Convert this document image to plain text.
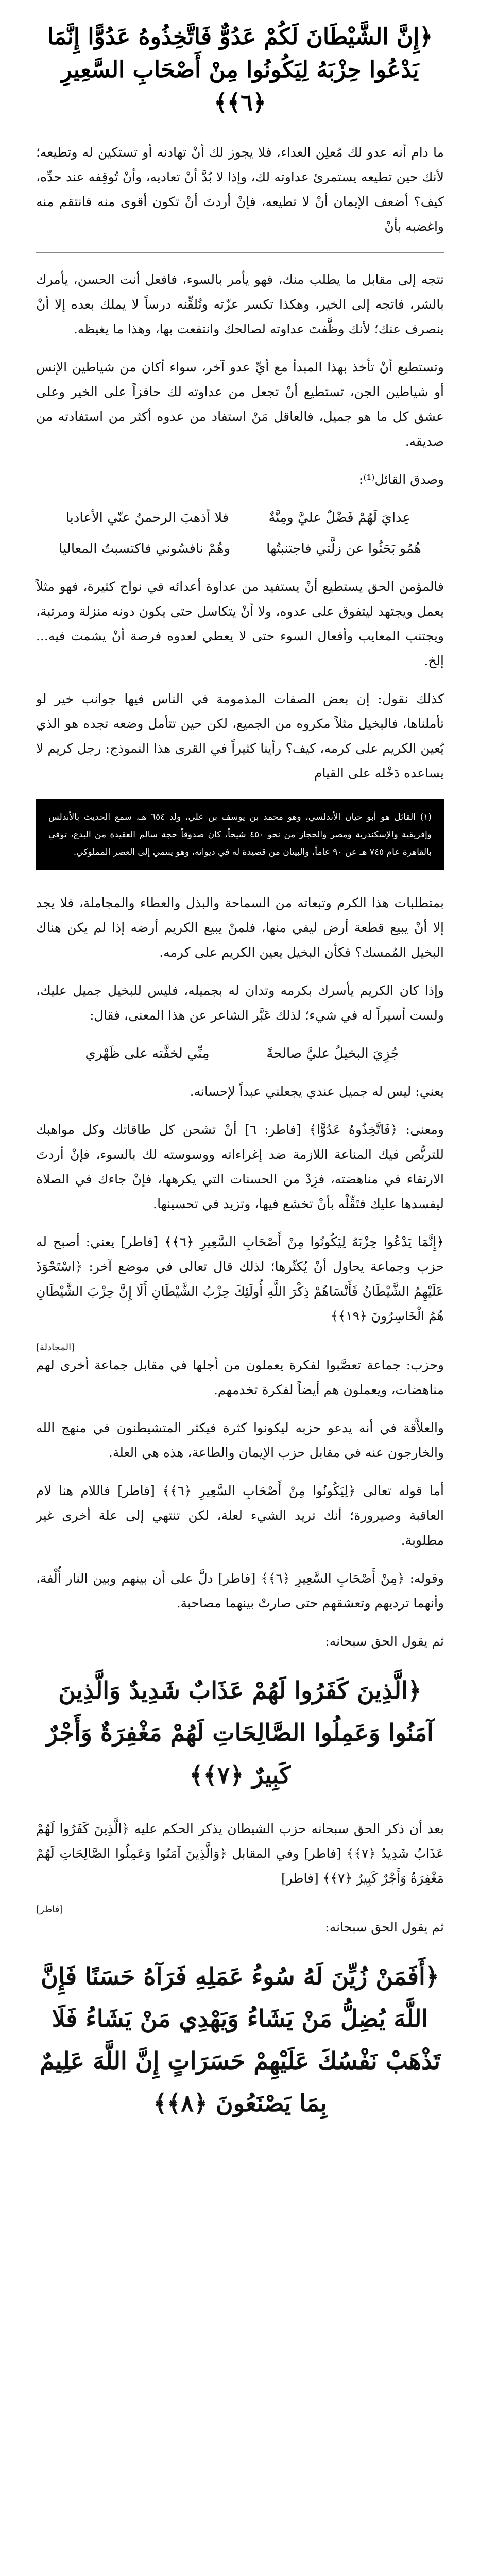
﴿إِنَّ الشَّيْطَانَ لَكُمْ عَدُوٌّ فَاتَّخِذُوهُ عَدُوًّا إِنَّمَا يَدْعُوا حِزْبَهُ لِيَكُونُوا مِنْ أَصْحَابِ السَّعِيرِ ﴿٦﴾﴾

ما دام أنه عدو لك مُعلِن العداء، فلا يجوز لك أنْ تهادنه أو تستكين له وتطيعه؛ لأنك حين تطيعه يستمرئ عداوته لك، وإذا لا بُدَّ أنْ تعاديه، وأنْ تُوقِفه عند حدِّه، كيف؟ أضعف الإيمان أنْ لا تطيعه، فإنْ أردتَ أنْ تكون أقوى منه فانتقم منه واغضبه بأنْ

تتجه إلى مقابل ما يطلب منك، فهو يأمر بالسوء، فافعل أنت الحسن، يأمرك بالشر، فاتجه إلى الخير، وهكذا تكسر عزّته وتُلقِّنه درساً لا يملك بعده إلا أنْ ينصرف عنك؛ لأنك وظَّفتَ عداوته لصالحك وانتفعت بها، وهذا ما يغيظه.

وتستطيع أنْ تأخذ بهذا المبدأ مع أيِّ عدو آخر، سواء أكان من شياطين الإنس أو شياطين الجن، تستطيع أنْ تجعل من عداوته لك حافزاً على الخير وعلى عشق كل ما هو جميل، فالعاقل مَنْ استفاد من عدوه أكثر من استفادته من صديقه.

وصدق القائل⁽¹⁾:

عِدايَ لَهُمْ فَضْلٌ عليَّ ومِنَّةٌ
فلا أذهبَ الرحمنُ عنّي الأعاديا
هُمُو بَحَثُوا عن زلَّتي فاجتنبتُها
وهُمْ نافسُوني فاكتسبتُ المعاليا

فالمؤمن الحق يستطيع أنْ يستفيد من عداوة أعدائه في نواح كثيرة، فهو مثلاً يعمل ويجتهد ليتفوق على عدوه، ولا أنْ يتكاسل حتى يكون دونه منزلة ومرتبة، ويجتنب المعايب وأفعال السوء حتى لا يعطي لعدوه فرصة أنْ يشمت فيه... إلخ.

كذلك نقول: إن بعض الصفات المذمومة في الناس فيها جوانب خير لو تأملناها، فالبخيل مثلاً مكروه من الجميع، لكن حين تتأمل وضعه تجده هو الذي يُعين الكريم على كرمه، كيف؟ رأينا كثيراً في القرى هذا النموذج: رجل كريم لا يساعده دَخْله على القيام

(١) القائل هو أبو حيان الأندلسي، وهو محمد بن يوسف بن علي، ولد ٦٥٤ هـ، سمع الحديث بالأندلس وإفريقية والإسكندرية ومصر والحجاز من نحو ٤٥٠ شيخاً، كان صدوقاً حجة سالم العقيدة من البدع، توفي بالقاهرة عام ٧٤٥ هـ عن ٩٠ عاماً، والبيتان من قصيدة له في ديوانه، وهو ينتمي إلى العصر المملوكي.

بمتطلبات هذا الكرم وتبعاته من السماحة والبذل والعطاء والمجاملة، فلا يجد إلا أنْ يبيع قطعة أرض ليفي منها، فلمنْ يبيع الكريم أرضه إذا لم يكن هناك البخيل المُمسك؟ فكأن البخيل يعين الكريم على كرمه.

وإذا كان الكريم يأسرك بكرمه وتدان له بجميله، فليس للبخيل جميل عليك، ولست أسيراً له في شيء؛ لذلك عَبَّر الشاعر عن هذا المعنى، فقال:

جُزِيَ البخيلُ عليَّ صالحةً
مِنِّي لخفَّته على ظَهْري

يعني: ليس له جميل عندي يجعلني عبداً لإحسانه.

ومعنى: ﴿فَاتَّخِذُوهُ عَدُوًّا﴾ [فاطر: ٦] أنْ تشحن كل طاقاتك وكل مواهبك للتربُّص فيك المناعة اللازمة ضد إغراءاته ووسوسته لك بالسوء، فإنْ أردتَ الارتقاء في مناهضته، فزِدْ من الحسنات التي يكرهها، فإنْ جاءك في الصلاة ليفسدها عليك فتَقِّلْه بأنْ تخشع فيها، وتزيد في تحسينها.

﴿إِنَّمَا يَدْعُوا حِزْبَهُ لِيَكُونُوا مِنْ أَصْحَابِ السَّعِيرِ ﴿٦﴾﴾ [فاطر] يعني: أصبح له حزب وجماعة يحاول أنْ يُكثّرها؛ لذلك قال تعالى في موضع آخر: ﴿اسْتَحْوَذَ عَلَيْهِمُ الشَّيْطَانُ فَأَنْسَاهُمْ ذِكْرَ اللَّهِ أُولَئِكَ حِزْبُ الشَّيْطَانِ أَلَا إِنَّ حِزْبَ الشَّيْطَانِ هُمُ الْخَاسِرُونَ ﴿١٩﴾﴾

[المجادلة]

وحزب: جماعة تعصَّبوا لفكرة يعملون من أجلها في مقابل جماعة أخرى لهم مناهضات، ويعملون هم أيضاً لفكرة تخدمهم.

والعلاَّقة في أنه يدعو حزبه ليكونوا كثرة فيكثر المتشيطنون في منهج الله والخارجون عنه في مقابل حزب الإيمان والطاعة، هذه هي العلة.

أما قوله تعالى ﴿لِيَكُونُوا مِنْ أَصْحَابِ السَّعِيرِ ﴿٦﴾﴾ [فاطر] فاللام هنا لام العاقبة وصيرورة؛ أنك تريد الشيء لعلة، لكن تنتهي إلى علة أخرى غير مطلوبة.

وقوله: ﴿مِنْ أَصْحَابِ السَّعِيرِ ﴿٦﴾﴾ [فاطر] دلَّ على أن بينهم وبين النار أُلْفة، وأنهما ترديهم وتعشقهم حتى صارتْ بينهما مصاحبة.

ثم يقول الحق سبحانه:

﴿الَّذِينَ كَفَرُوا لَهُمْ عَذَابٌ شَدِيدٌ وَالَّذِينَ آمَنُوا وَعَمِلُوا الصَّالِحَاتِ لَهُمْ مَغْفِرَةٌ وَأَجْرٌ كَبِيرٌ ﴿٧﴾﴾

بعد أن ذكر الحق سبحانه حزب الشيطان يذكر الحكم عليه ﴿الَّذِينَ كَفَرُوا لَهُمْ عَذَابٌ شَدِيدٌ ﴿٧﴾﴾ [فاطر] وفي المقابل ﴿وَالَّذِينَ آمَنُوا وَعَمِلُوا الصَّالِحَاتِ لَهُمْ مَغْفِرَةٌ وَأَجْرٌ كَبِيرٌ ﴿٧﴾﴾ [فاطر]

[فاطر]

ثم يقول الحق سبحانه:

﴿أَفَمَنْ زُيِّنَ لَهُ سُوءُ عَمَلِهِ فَرَآهُ حَسَنًا فَإِنَّ اللَّهَ يُضِلُّ مَنْ يَشَاءُ وَيَهْدِي مَنْ يَشَاءُ فَلَا تَذْهَبْ نَفْسُكَ عَلَيْهِمْ حَسَرَاتٍ إِنَّ اللَّهَ عَلِيمٌ بِمَا يَصْنَعُونَ ﴿٨﴾﴾
